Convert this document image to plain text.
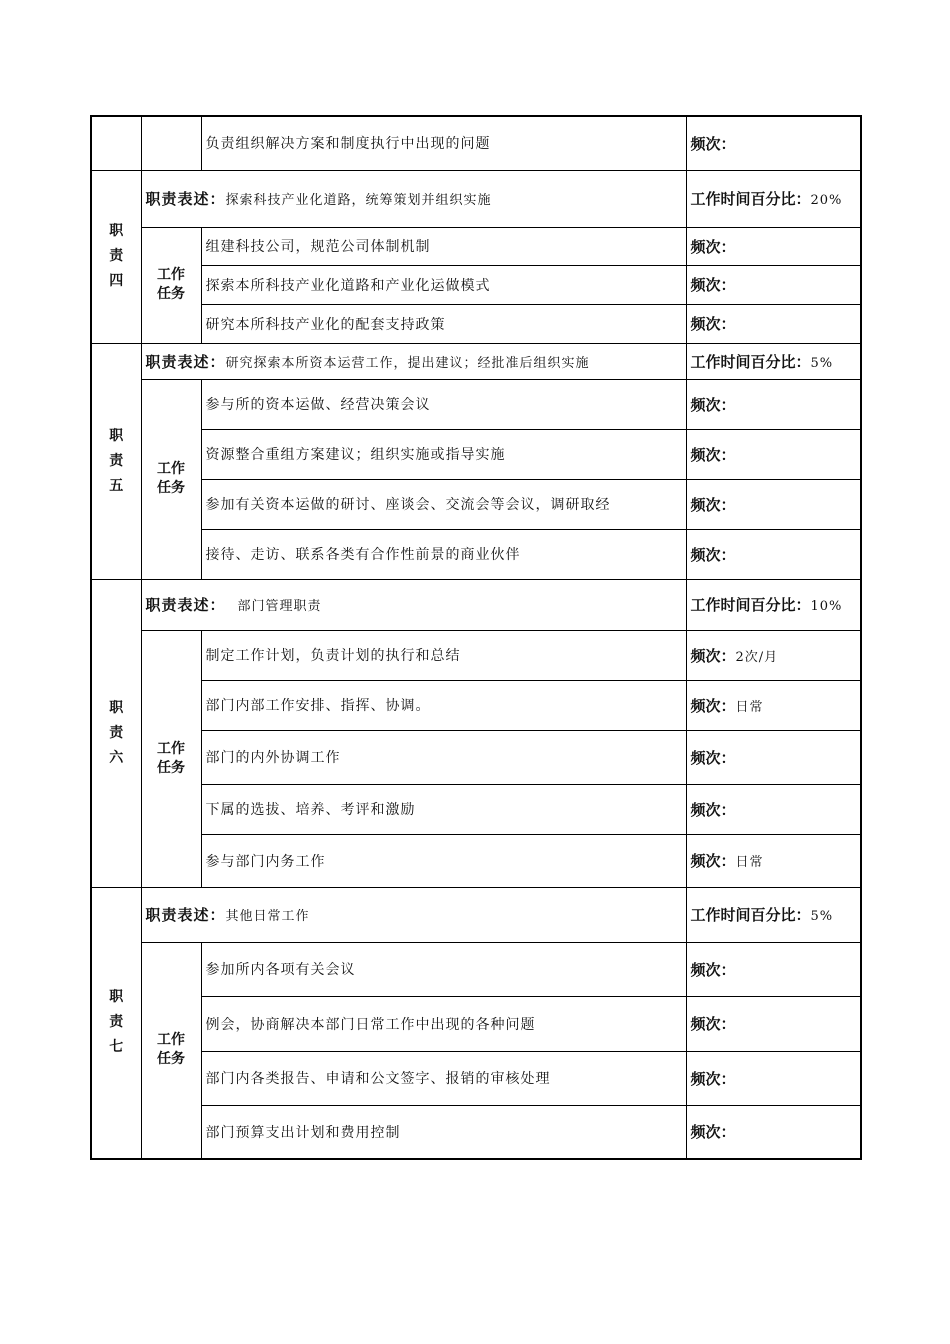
		负责组织解决方案和制度执行中出现的问题	频次：

职
责
四	职责表述：探索科技产业化道路，统筹策划并组织实施		工作时间百分比：20%

	工作
任务	组建科技公司，规范公司体制机制	频次：
		探索本所科技产业化道路和产业化运做模式	频次：
		研究本所科技产业化的配套支持政策	频次：

职
责
五	职责表述：研究探索本所资本运营工作，提出建议；经批准后组织实施		工作时间百分比：5%

	工作
任务	参与所的资本运做、经营决策会议	频次：
		资源整合重组方案建议；组织实施或指导实施	频次：
		参加有关资本运做的研讨、座谈会、交流会等会议，调研取经	频次：
		接待、走访、联系各类有合作性前景的商业伙伴	频次：

职
责
六	职责表述： 部门管理职责		工作时间百分比：10%

	工作
任务	制定工作计划，负责计划的执行和总结	频次：2次/月
		部门内部工作安排、指挥、协调。	频次：日常
		部门的内外协调工作	频次：
		下属的选拔、培养、考评和激励	频次：
		参与部门内务工作	频次：日常

职
责
七	职责表述：其他日常工作		工作时间百分比：5%

	工作
任务	参加所内各项有关会议	频次：
		例会，协商解决本部门日常工作中出现的各种问题	频次：
		部门内各类报告、申请和公文签字、报销的审核处理	频次：
		部门预算支出计划和费用控制	频次：
